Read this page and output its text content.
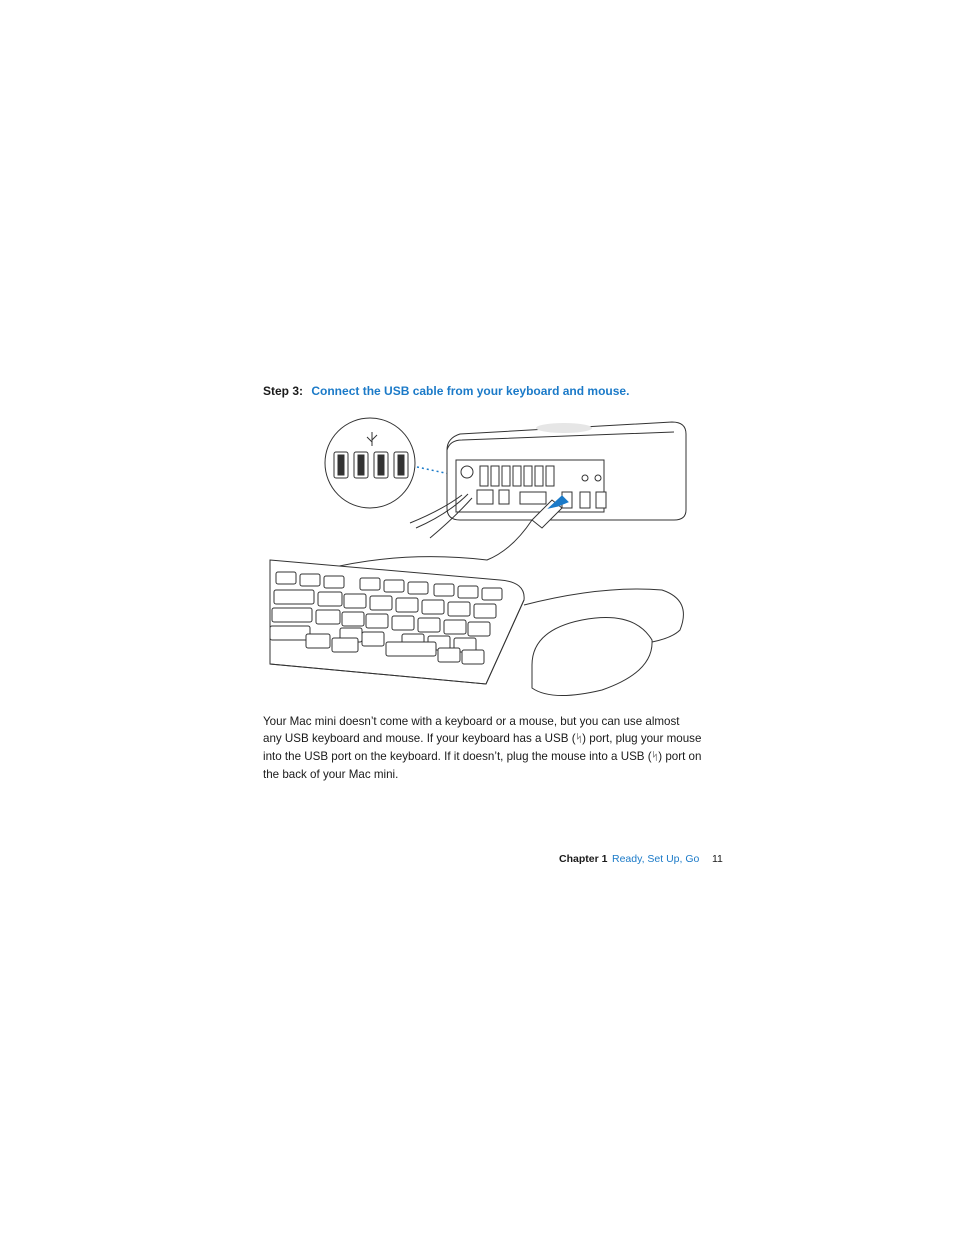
Step 3: Connect the USB cable from your keyboard and mouse.

Your Mac mini doesn’t come with a keyboard or a mouse, but you can use almost

any USB keyboard and mouse. If your keyboard has a USB (ᛋ) port, plug your mouse

into the USB port on the keyboard. If it doesn’t, plug the mouse into a USB (ᛋ) port on

the back of your Mac mini.

Chapter 1 Ready, Set Up, Go 11
